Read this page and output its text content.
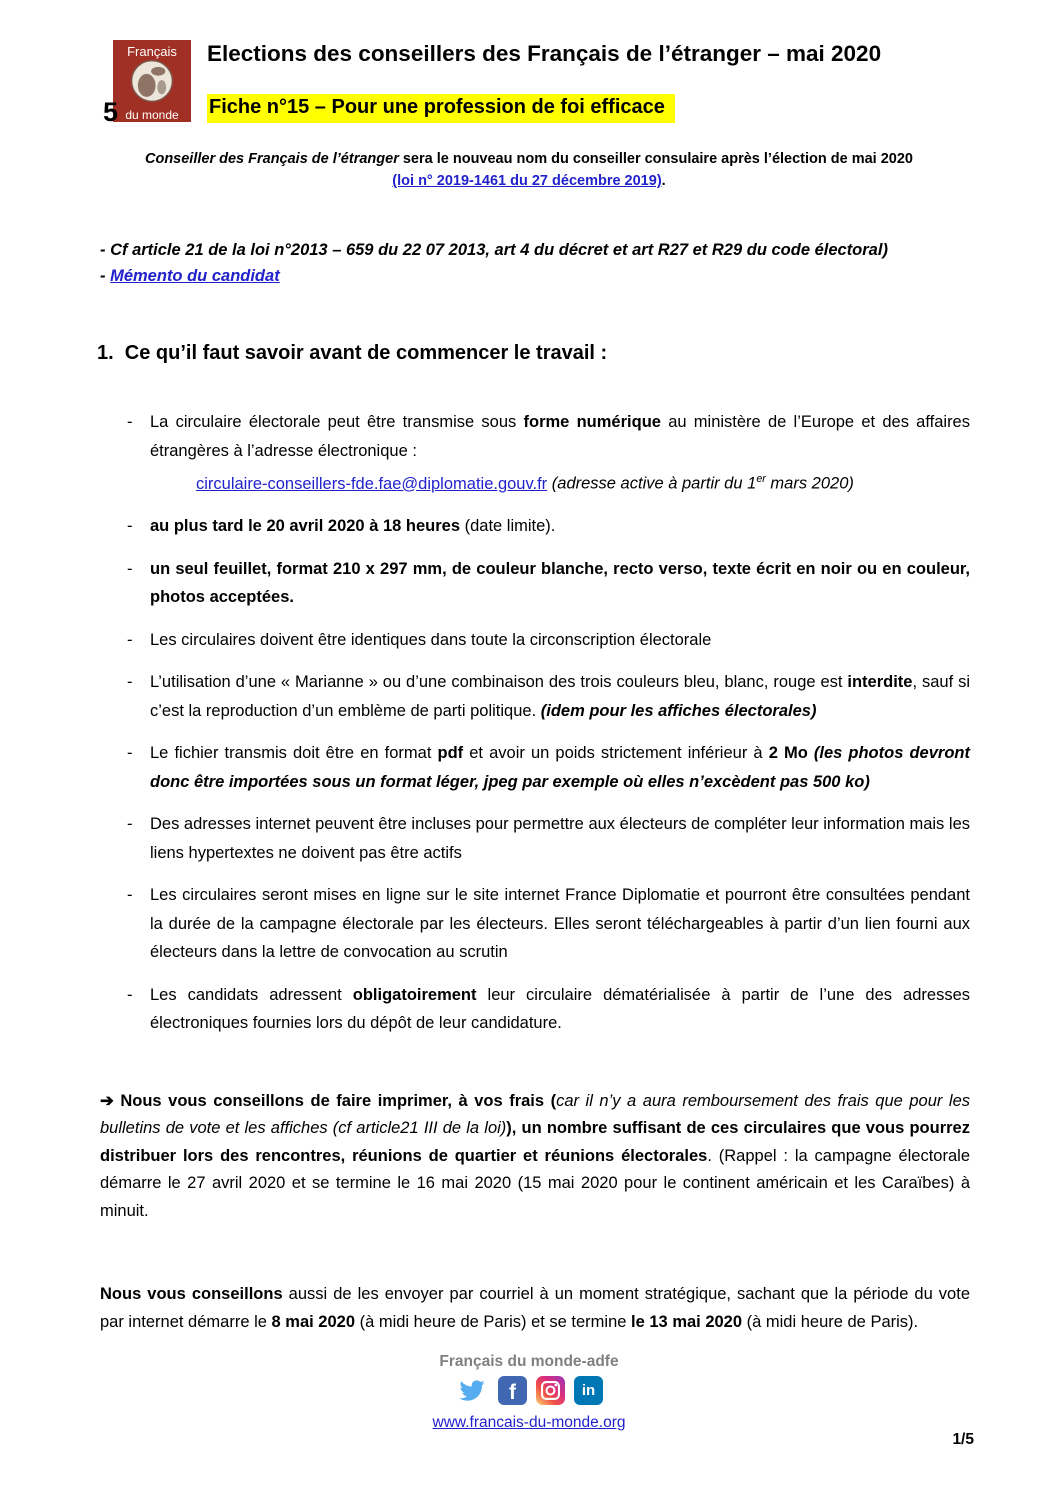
Français
du monde
5
Elections des conseillers des Français de l’étranger – mai 2020
Fiche n°15 – Pour une profession de foi efficace

Conseiller des Français de l’étranger sera le nouveau nom du conseiller consulaire après l’élection de mai 2020
(loi n° 2019-1461 du 27 décembre 2019).

- Cf article 21 de la loi n°2013 – 659 du 22 07 2013, art 4 du décret et art R27 et R29 du code électoral)
- Mémento du candidat

1.  Ce qu’il faut savoir avant de commencer le travail :
-	La circulaire électorale peut être transmise sous forme numérique au ministère de l’Europe et des affaires étrangères à l’adresse électronique :
circulaire-conseillers-fde.fae@diplomatie.gouv.fr (adresse active à partir du 1er mars 2020)
-	au plus tard le 20 avril 2020 à 18 heures (date limite).
-	un seul feuillet, format 210 x 297 mm, de couleur blanche, recto verso, texte écrit en noir ou en couleur, photos acceptées.
-	Les circulaires doivent être identiques dans toute la circonscription électorale
-	L’utilisation d’une « Marianne » ou d’une combinaison des trois couleurs bleu, blanc, rouge est interdite, sauf si c’est la reproduction d’un emblème de parti politique. (idem pour les affiches électorales)
-	Le fichier transmis doit être en format pdf et avoir un poids strictement inférieur à 2 Mo (les photos devront donc être importées sous un format léger, jpeg par exemple où elles n’excèdent pas 500 ko)
-	Des adresses internet peuvent être incluses pour permettre aux électeurs de compléter leur information mais les liens hypertextes ne doivent pas être actifs
-	Les circulaires seront mises en ligne sur le site internet France Diplomatie et pourront être consultées pendant la durée de la campagne électorale par les électeurs. Elles seront téléchargeables à partir d’un lien fourni aux électeurs dans la lettre de convocation au scrutin
-	Les candidats adressent obligatoirement leur circulaire dématérialisée à partir de l’une des adresses électroniques fournies lors du dépôt de leur candidature.

➔ Nous vous conseillons de faire imprimer, à vos frais (car il n’y a aura remboursement des frais que pour les bulletins de vote et les affiches (cf article21 III de la loi)), un nombre suffisant de ces circulaires que vous pourrez distribuer lors des rencontres, réunions de quartier et réunions électorales. (Rappel : la campagne électorale démarre le 27 avril 2020 et se termine le 16 mai 2020 (15 mai 2020 pour le continent américain et les Caraïbes) à minuit.

Nous vous conseillons aussi de les envoyer par courriel à un moment stratégique, sachant que la période du vote par internet démarre le 8 mai 2020 (à midi heure de Paris) et se termine le 13 mai 2020 (à midi heure de Paris).

Français du monde-adfe
f	in
www.francais-du-monde.org
1/5
